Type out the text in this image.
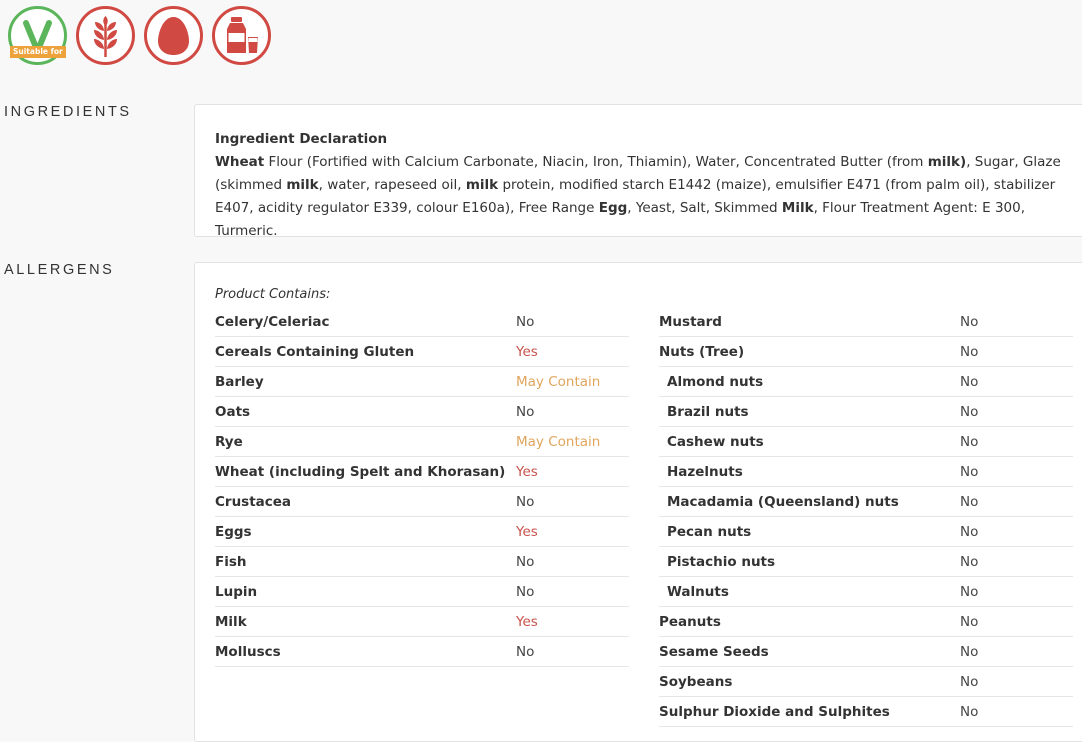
Suitable for
INGREDIENTS
Ingredient Declaration
Wheat Flour (Fortified with Calcium Carbonate, Niacin, Iron, Thiamin), Water, Concentrated Butter (from milk), Sugar, Glaze (skimmed milk, water, rapeseed oil, milk protein, modified starch E1442 (maize), emulsifier E471 (from palm oil), stabilizer E407, acidity regulator E339, colour E160a), Free Range Egg, Yeast, Salt, Skimmed Milk, Flour Treatment Agent: E 300, Turmeric.
ALLERGENS
Product Contains:
Celery/Celeriac	No
Cereals Containing Gluten	Yes
Barley	May Contain
Oats	No
Rye	May Contain
Wheat (including Spelt and Khorasan) Yes
Crustacea	No
Eggs	Yes
Fish	No
Lupin	No
Milk	Yes
Molluscs	No
Mustard	No
Nuts (Tree)	No
Almond nuts	No
Brazil nuts	No
Cashew nuts	No
Hazelnuts	No
Macadamia (Queensland) nuts	No
Pecan nuts	No
Pistachio nuts	No
Walnuts	No
Peanuts	No
Sesame Seeds	No
Soybeans	No
Sulphur Dioxide and Sulphites	No
